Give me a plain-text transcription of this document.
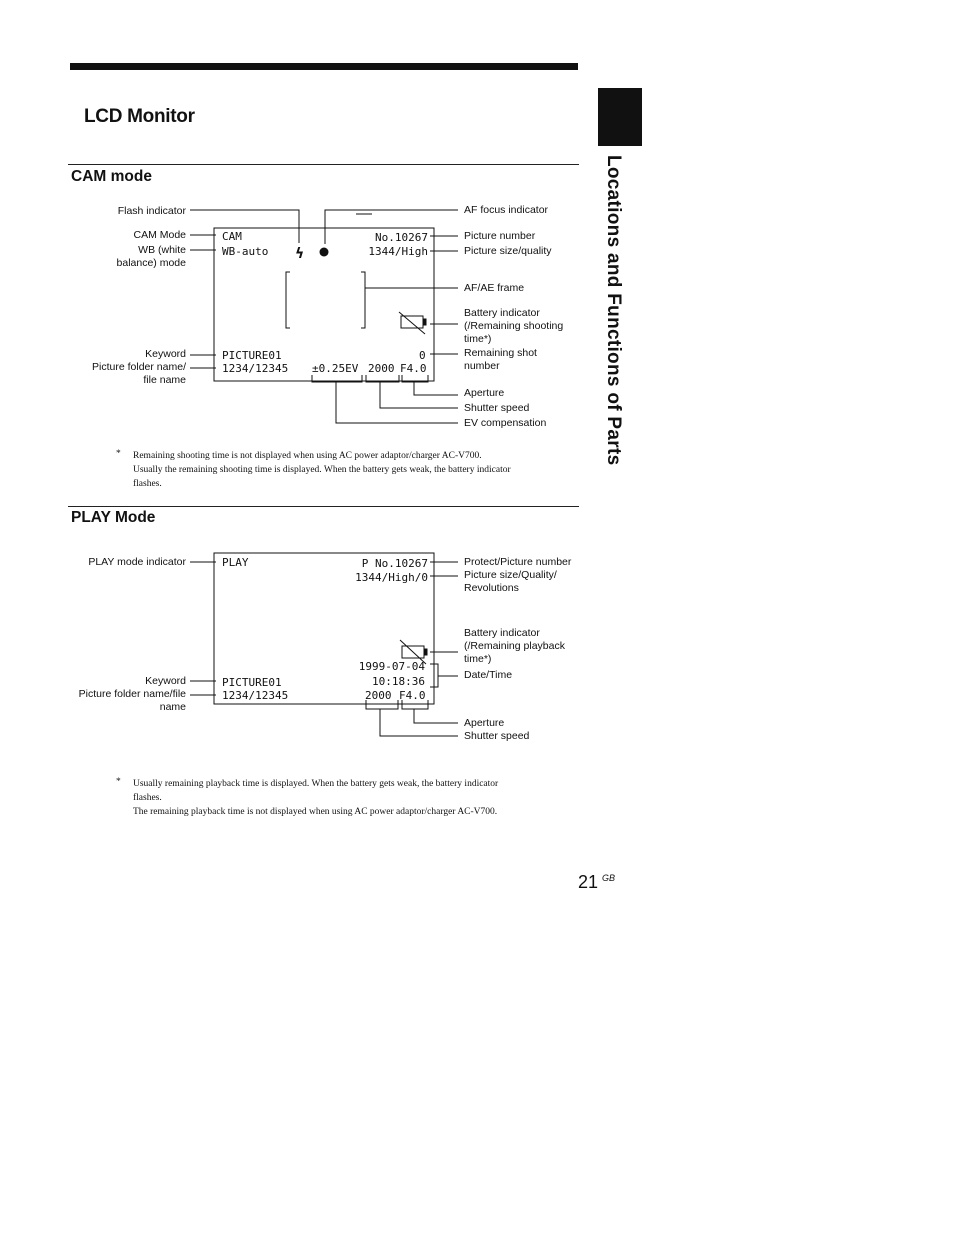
LCD Monitor
Locations and Functions of Parts
CAM mode
ϟ
Flash indicator
CAM Mode
WB (white
balance) mode
Keyword
Picture folder name/
file name
AF focus indicator
Picture number
Picture size/quality
AF/AE frame
Battery indicator
(/Remaining shooting
time*)
Remaining shot
number
Aperture
Shutter speed
EV compensation
CAM
WB-auto
No.10267
1344/High
PICTURE01
1234/12345 ±0.25EV 2000 F4.0
0
* Remaining shooting time is not displayed when using AC power adaptor/charger AC-V700.
Usually the remaining shooting time is displayed. When the battery gets weak, the battery indicator
flashes.
PLAY Mode
PLAY mode indicator
Keyword
Picture folder name/file
name
Protect/Picture number
Picture size/Quality/
Revolutions
Battery indicator
(/Remaining playback
time*)
Date/Time
Aperture
Shutter speed
PLAY	P No.10267
1344/High/0
1999-07-04
10:18:36
PICTURE01
1234/12345	2000 F4.0
* Usually remaining playback time is displayed. When the battery gets weak, the battery indicator
flashes.
The remaining playback time is not displayed when using AC power adaptor/charger AC-V700.
21 $^{GB}$
